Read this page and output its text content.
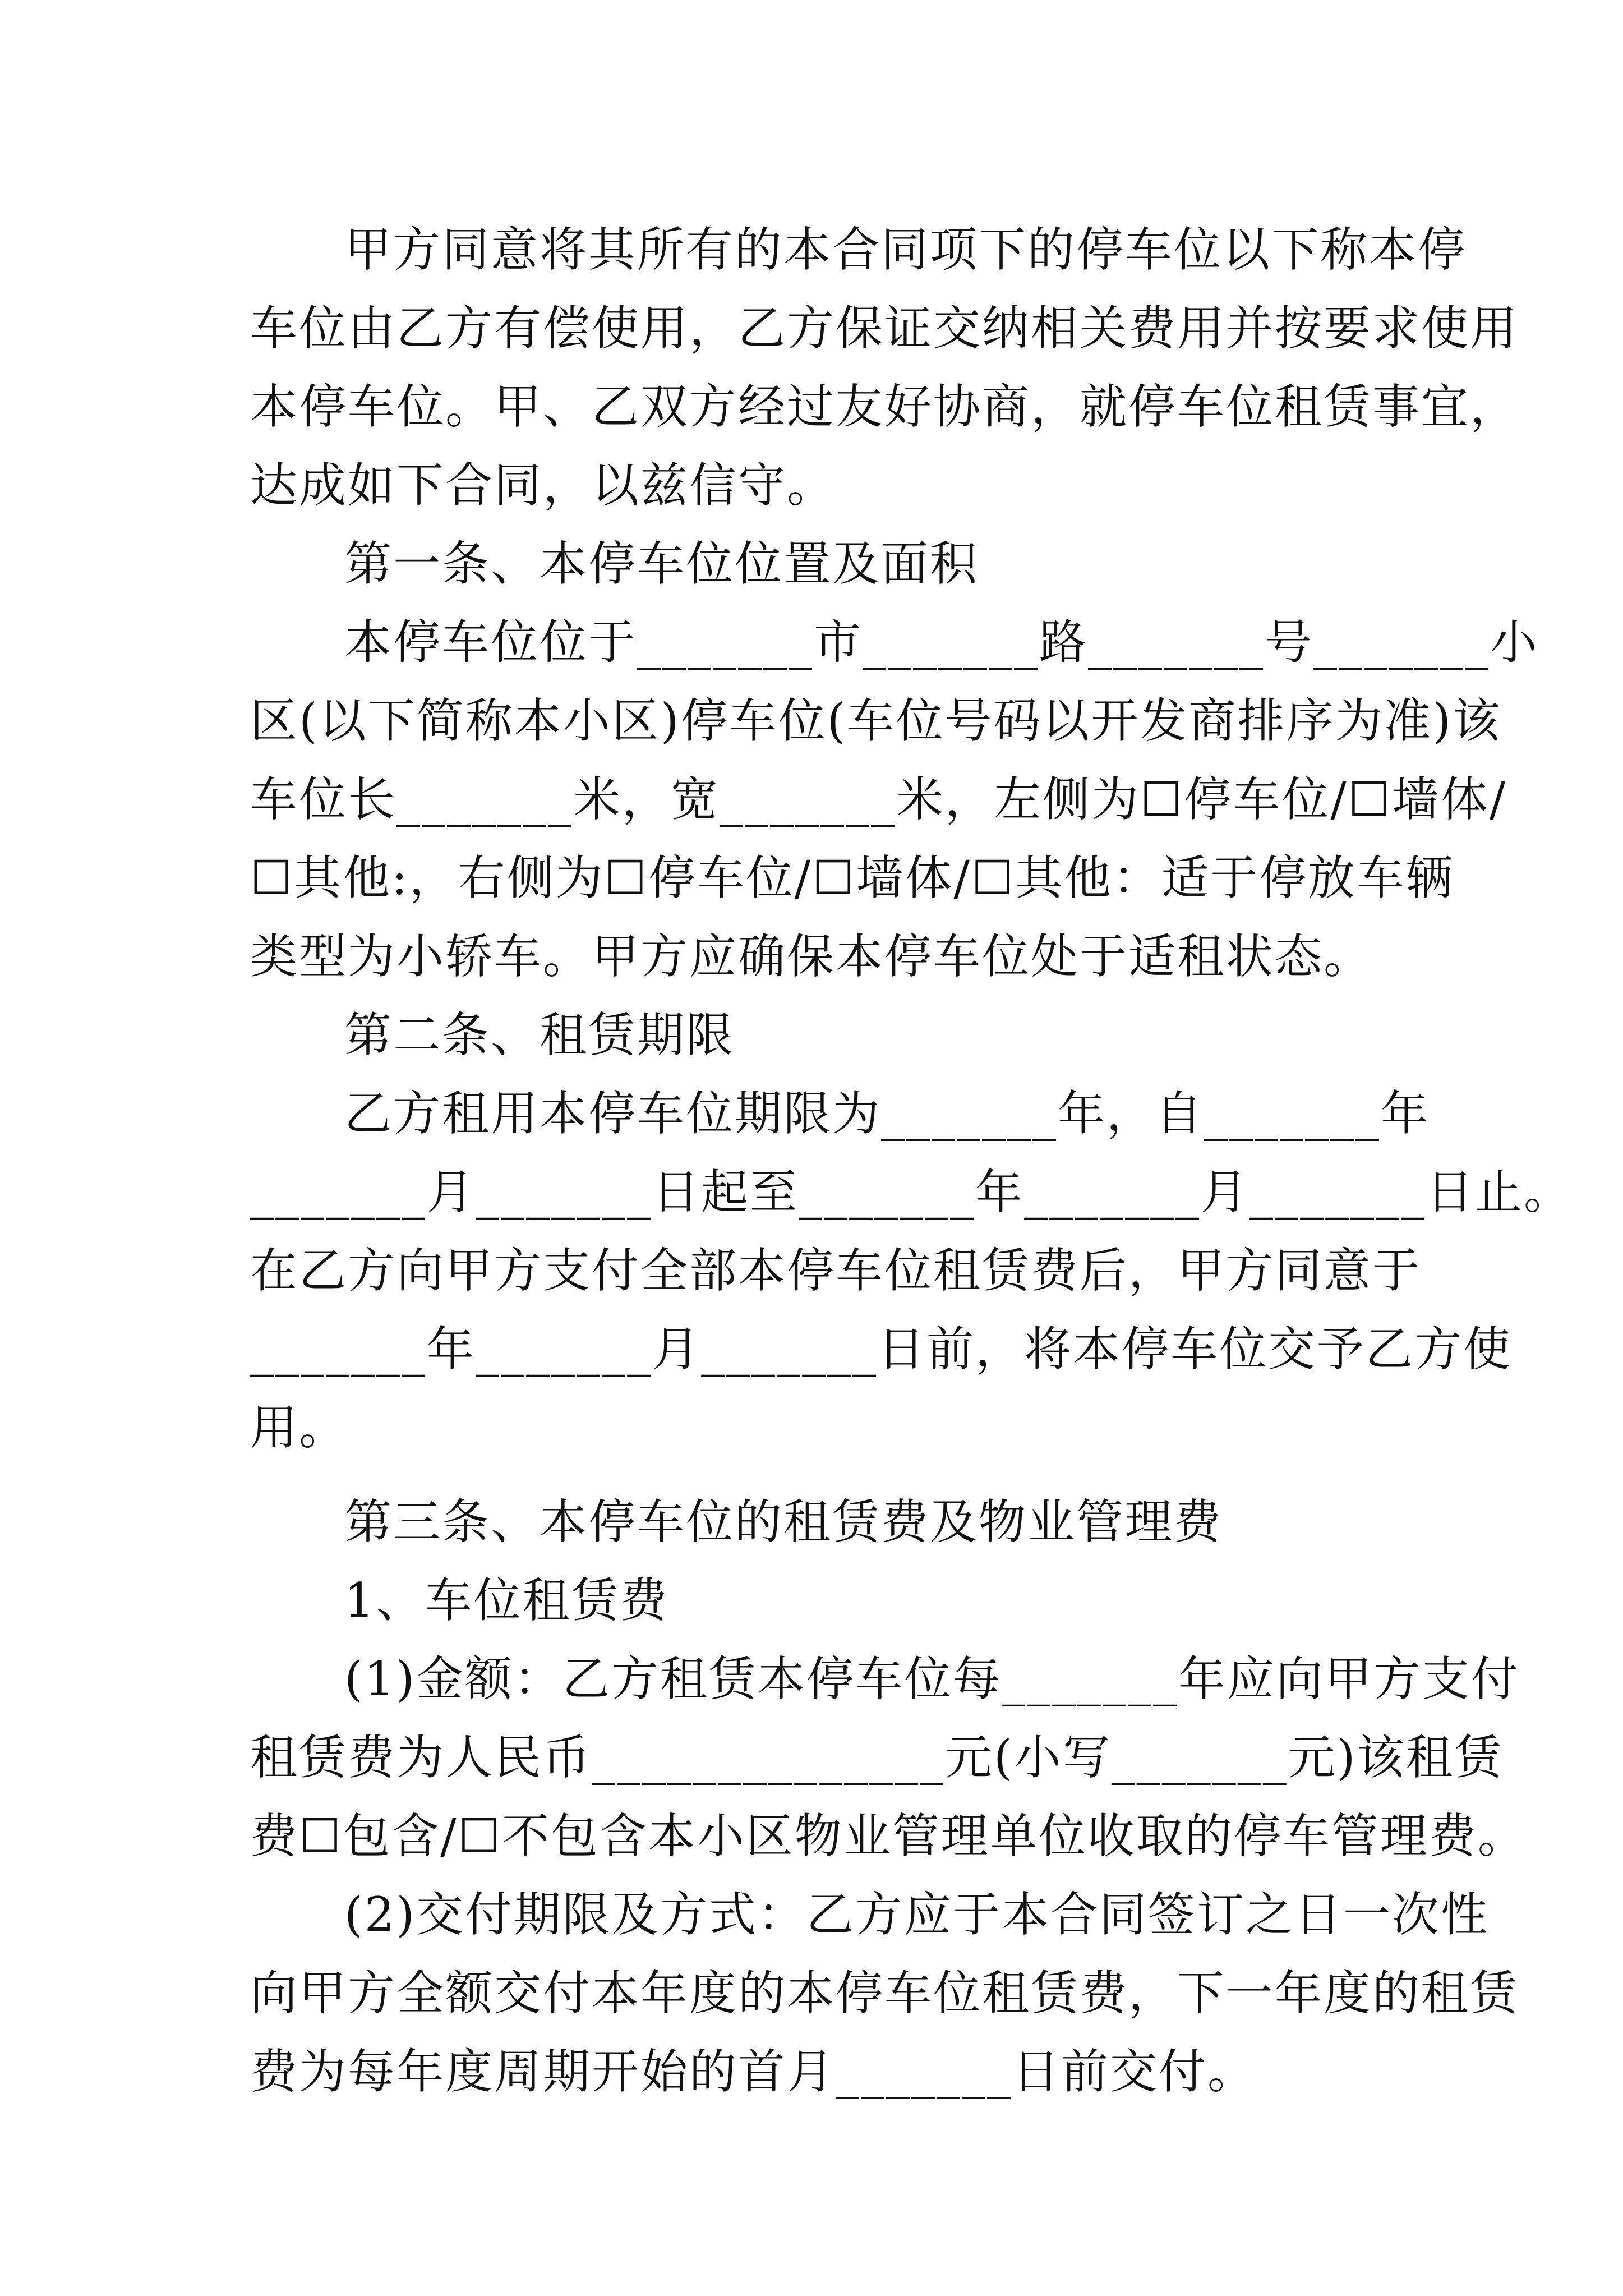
甲方同意将其所有的本合同项下的停车位以下称本停
车位由乙方有偿使用，乙方保证交纳相关费用并按要求使用
本停车位。甲、乙双方经过友好协商，就停车位租赁事宜，
达成如下合同，以兹信守。
第一条、本停车位位置及面积
本停车位位于_______市_______路_______号_______小
区(以下简称本小区)停车位(车位号码以开发商排序为准)该
车位长_______米，宽_______米，左侧为☐停车位/☐墙体/
☐其他:，右侧为☐停车位/☐墙体/☐其他：适于停放车辆
类型为小轿车。甲方应确保本停车位处于适租状态。
第二条、租赁期限
乙方租用本停车位期限为_______年，自_______年
_______月_______日起至_______年_______月_______日止。
在乙方向甲方支付全部本停车位租赁费后，甲方同意于
_______年_______月_______日前，将本停车位交予乙方使
用。
第三条、本停车位的租赁费及物业管理费
1、车位租赁费
(1)金额：乙方租赁本停车位每_______年应向甲方支付
租赁费为人民币______________元(小写_______元)该租赁
费☐包含/☐不包含本小区物业管理单位收取的停车管理费。
(2)交付期限及方式：乙方应于本合同签订之日一次性
向甲方全额交付本年度的本停车位租赁费，下一年度的租赁
费为每年度周期开始的首月_______日前交付。
